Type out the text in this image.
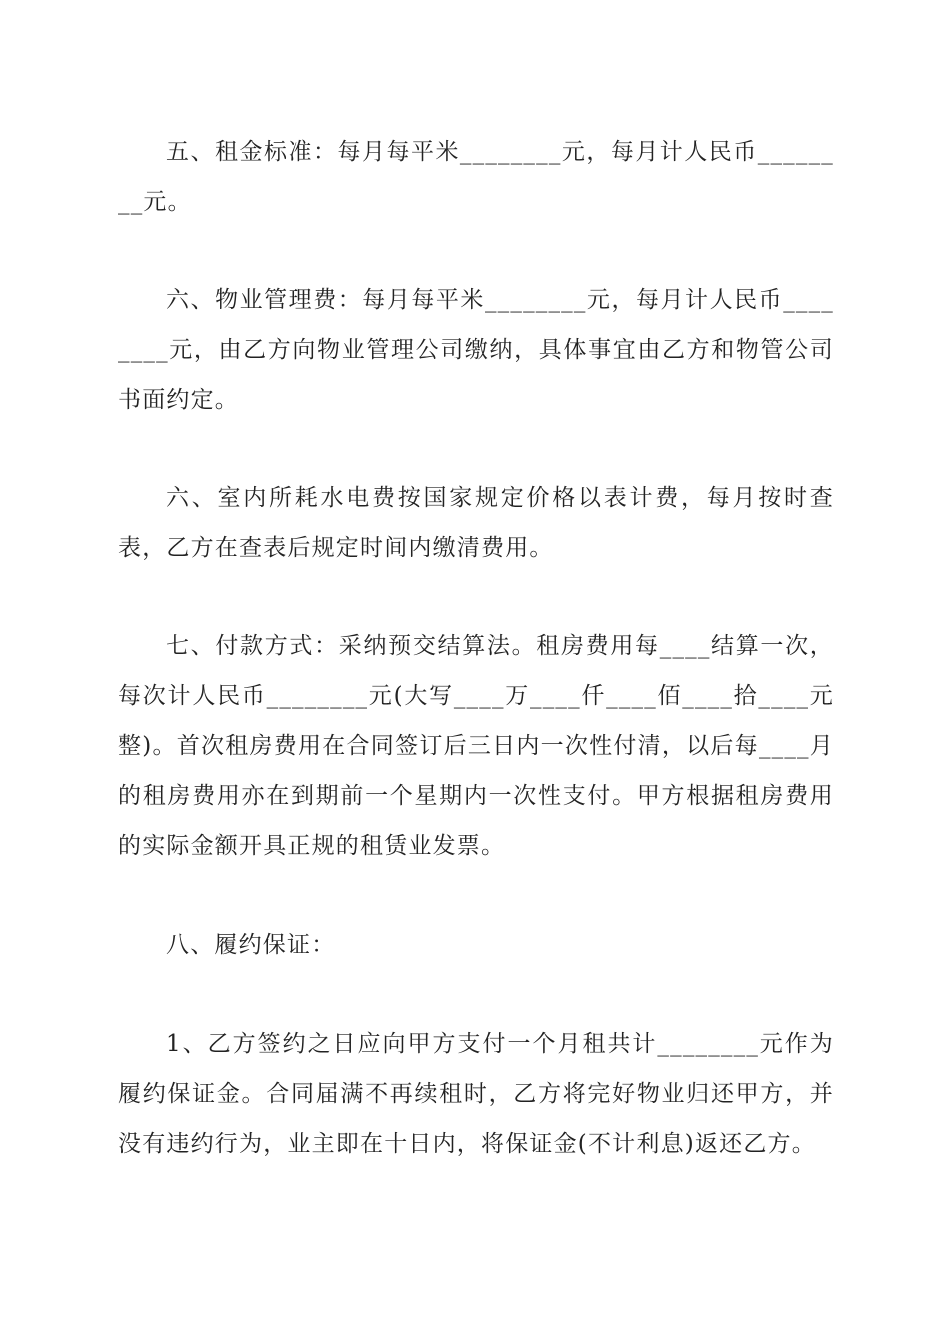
五、租金标准：每月每平米________元，每月计人民币________元。

六、物业管理费：每月每平米________元，每月计人民币________元，由乙方向物业管理公司缴纳，具体事宜由乙方和物管公司书面约定。

六、室内所耗水电费按国家规定价格以表计费，每月按时查表，乙方在查表后规定时间内缴清费用。

七、付款方式：采纳预交结算法。租房费用每____结算一次，每次计人民币________元(大写____万____仟____佰____拾____元整)。首次租房费用在合同签订后三日内一次性付清，以后每____月的租房费用亦在到期前一个星期内一次性支付。甲方根据租房费用的实际金额开具正规的租赁业发票。

八、履约保证：

1、乙方签约之日应向甲方支付一个月租共计________元作为履约保证金。合同届满不再续租时，乙方将完好物业归还甲方，并没有违约行为，业主即在十日内，将保证金(不计利息)返还乙方。
